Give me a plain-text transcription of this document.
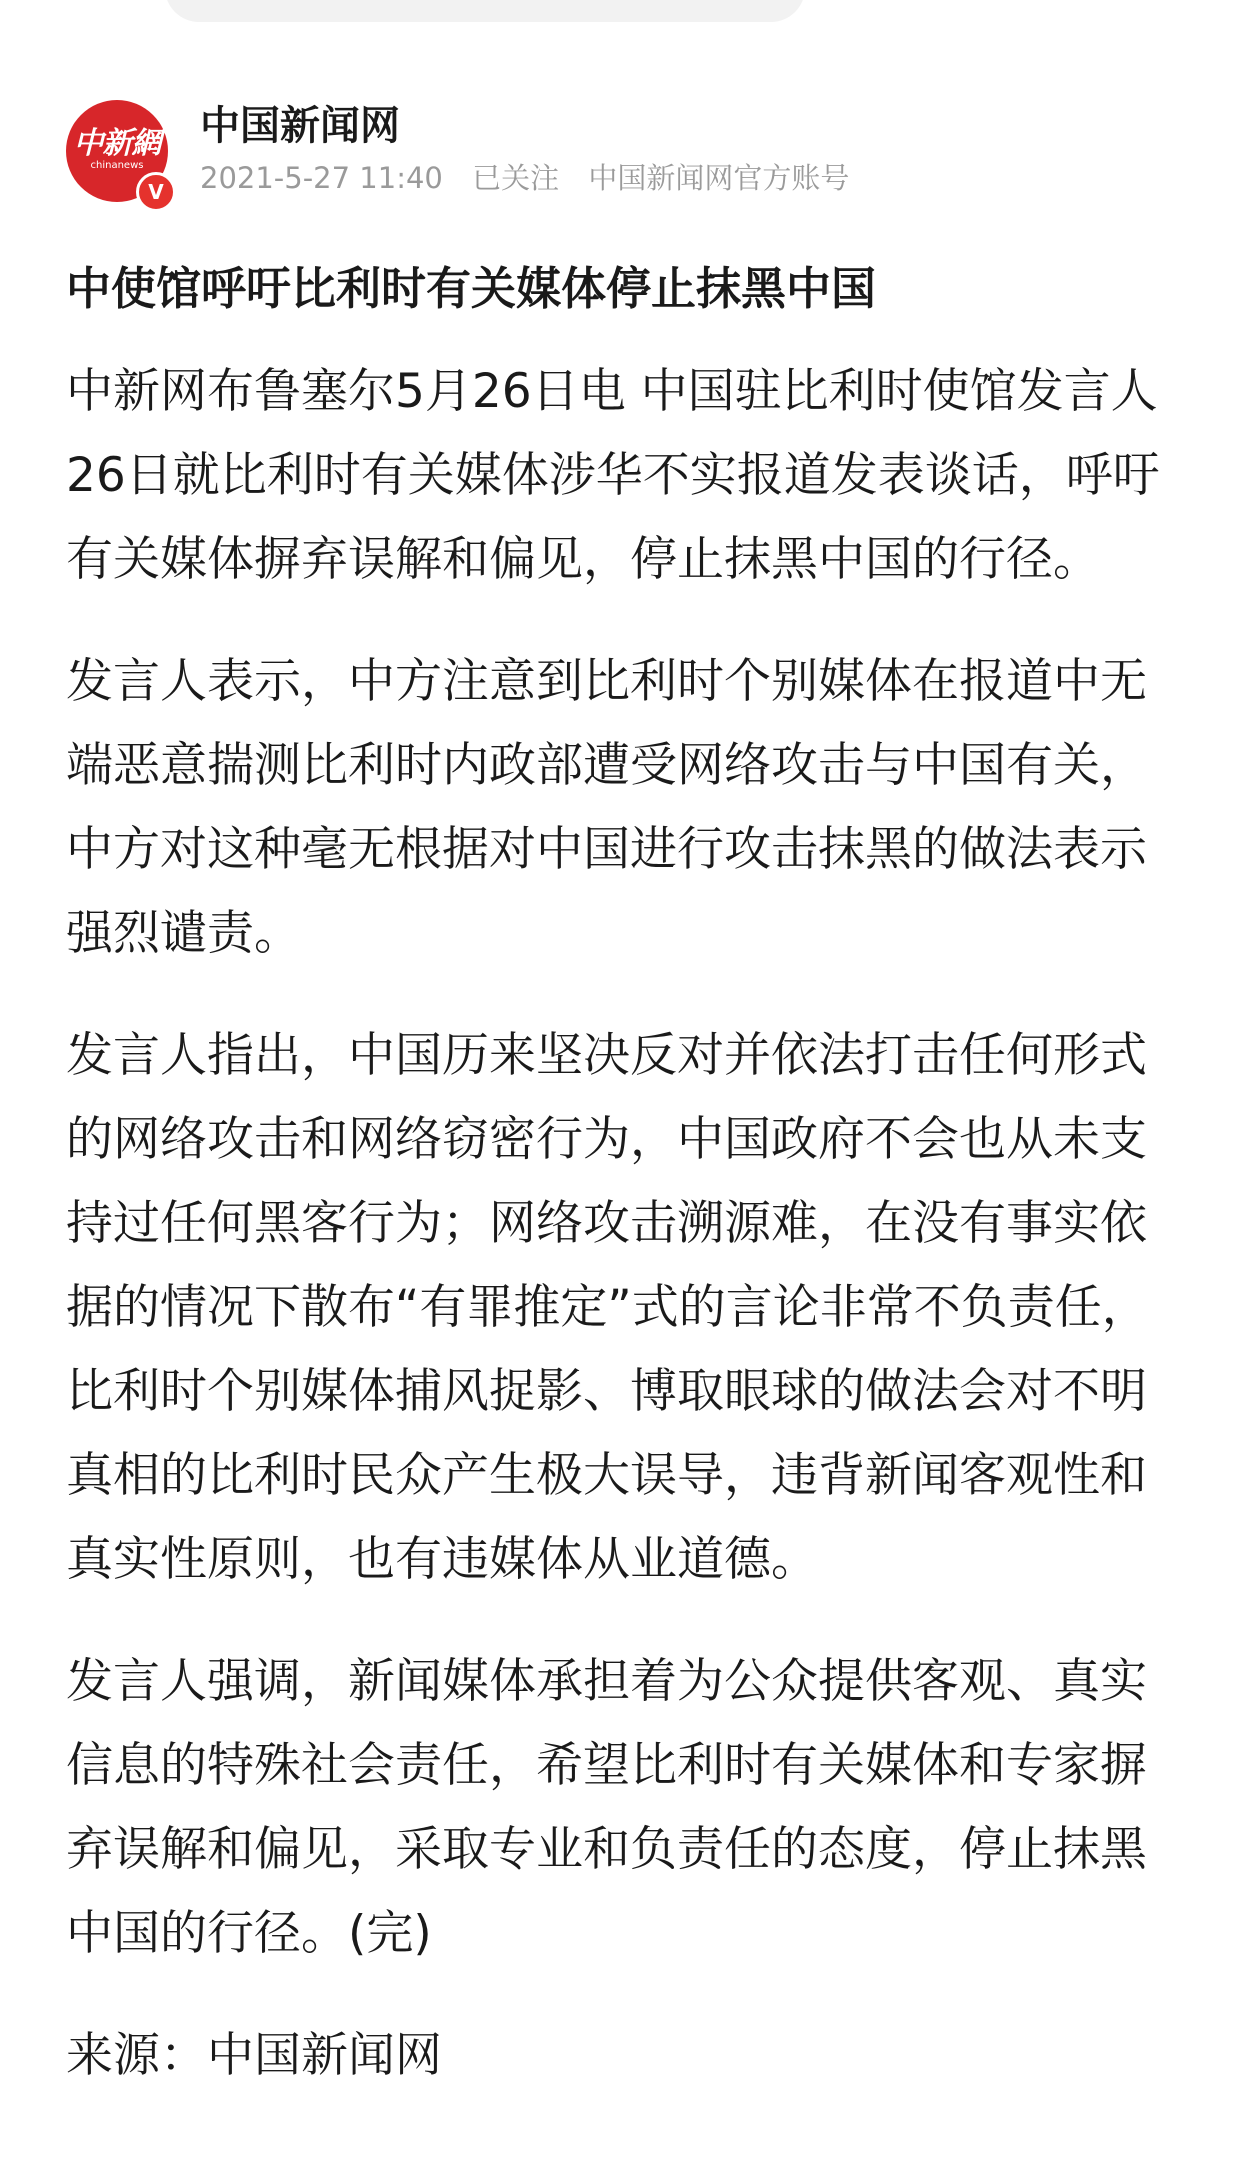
中新網
chinanews
V
中国新闻网
2021-5-27 11:40 已关注 中国新闻网官方账号
中使馆呼吁比利时有关媒体停止抹黑中国

中新网布鲁塞尔5月26日电 中国驻比利时使馆发言人26日就比利时有关媒体涉华不实报道发表谈话，呼吁有关媒体摒弃误解和偏见，停止抹黑中国的行径。

发言人表示，中方注意到比利时个别媒体在报道中无端恶意揣测比利时内政部遭受网络攻击与中国有关，中方对这种毫无根据对中国进行攻击抹黑的做法表示强烈谴责。

发言人指出，中国历来坚决反对并依法打击任何形式的网络攻击和网络窃密行为，中国政府不会也从未支持过任何黑客行为；网络攻击溯源难，在没有事实依据的情况下散布“有罪推定”式的言论非常不负责任，比利时个别媒体捕风捉影、博取眼球的做法会对不明真相的比利时民众产生极大误导，违背新闻客观性和真实性原则，也有违媒体从业道德。

发言人强调，新闻媒体承担着为公众提供客观、真实信息的特殊社会责任，希望比利时有关媒体和专家摒弃误解和偏见，采取专业和负责任的态度，停止抹黑中国的行径。(完)

来源：中国新闻网
